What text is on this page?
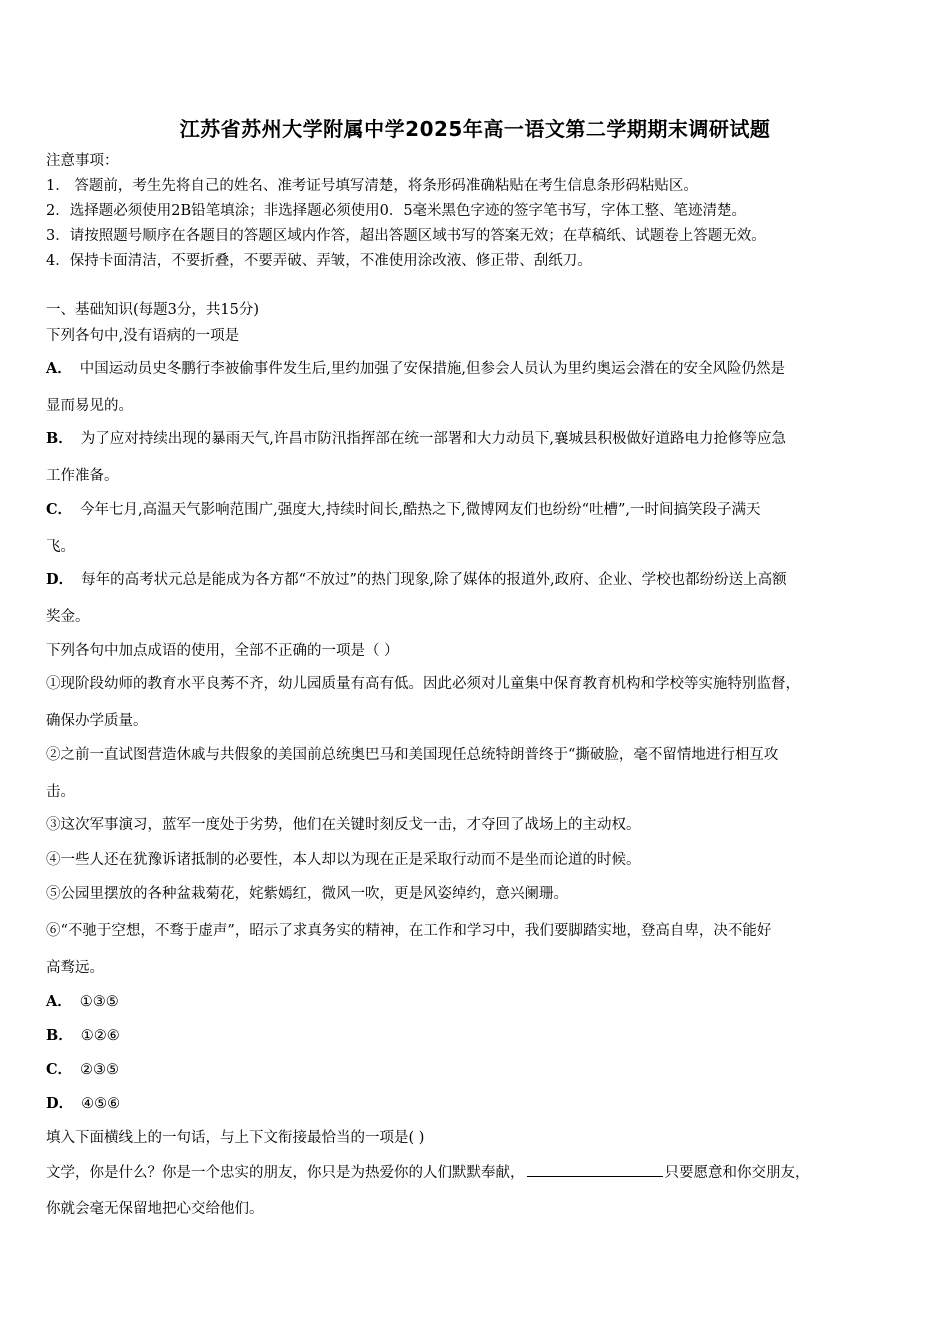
江苏省苏州大学附属中学2025年高一语文第二学期期末调研试题
注意事项：
1． 答题前，考生先将自己的姓名、准考证号填写清楚，将条形码准确粘贴在考生信息条形码粘贴区。
2．选择题必须使用2B铅笔填涂；非选择题必须使用0．5毫米黑色字迹的签字笔书写，字体工整、笔迹清楚。
3．请按照题号顺序在各题目的答题区域内作答，超出答题区域书写的答案无效；在草稿纸、试题卷上答题无效。
4．保持卡面清洁，不要折叠，不要弄破、弄皱，不准使用涂改液、修正带、刮纸刀。
一、基础知识(每题3分，共15分)
下列各句中,没有语病的一项是
A． 中国运动员史冬鹏行李被偷事件发生后,里约加强了安保措施,但参会人员认为里约奥运会潜在的安全风险仍然是
显而易见的。
B． 为了应对持续出现的暴雨天气,许昌市防汛指挥部在统一部署和大力动员下,襄城县积极做好道路电力抢修等应急
工作准备。
C． 今年七月,高温天气影响范围广,强度大,持续时间长,酷热之下,微博网友们也纷纷“吐槽”,一时间搞笑段子满天
飞。
D． 每年的高考状元总是能成为各方都“不放过”的热门现象,除了媒体的报道外,政府、企业、学校也都纷纷送上高额
奖金。
下列各句中加点成语的使用，全部不正确的一项是（ ）
①现阶段幼师的教育水平良莠不齐，幼儿园质量有高有低。因此必须对儿童集中保育教育机构和学校等实施特别监督，
确保办学质量。
②之前一直试图营造休戚与共假象的美国前总统奥巴马和美国现任总统特朗普终于“撕破脸，毫不留情地进行相互攻
击。
③这次军事演习，蓝军一度处于劣势，他们在关键时刻反戈一击，才夺回了战场上的主动权。
④一些人还在犹豫诉诸抵制的必要性，本人却以为现在正是采取行动而不是坐而论道的时候。
⑤公园里摆放的各种盆栽菊花，姹紫嫣红，微风一吹，更是风姿绰约，意兴阑珊。
⑥“不驰于空想，不骛于虚声”，昭示了求真务实的精神，在工作和学习中，我们要脚踏实地，登高自卑，决不能好
高骛远。
A． ①③⑤
B． ①②⑥
C． ②③⑤
D． ④⑤⑥
填入下面横线上的一句话，与上下文衔接最恰当的一项是( )
文学，你是什么？你是一个忠实的朋友，你只是为热爱你的人们默默奉献，	只要愿意和你交朋友，
你就会毫无保留地把心交给他们。
